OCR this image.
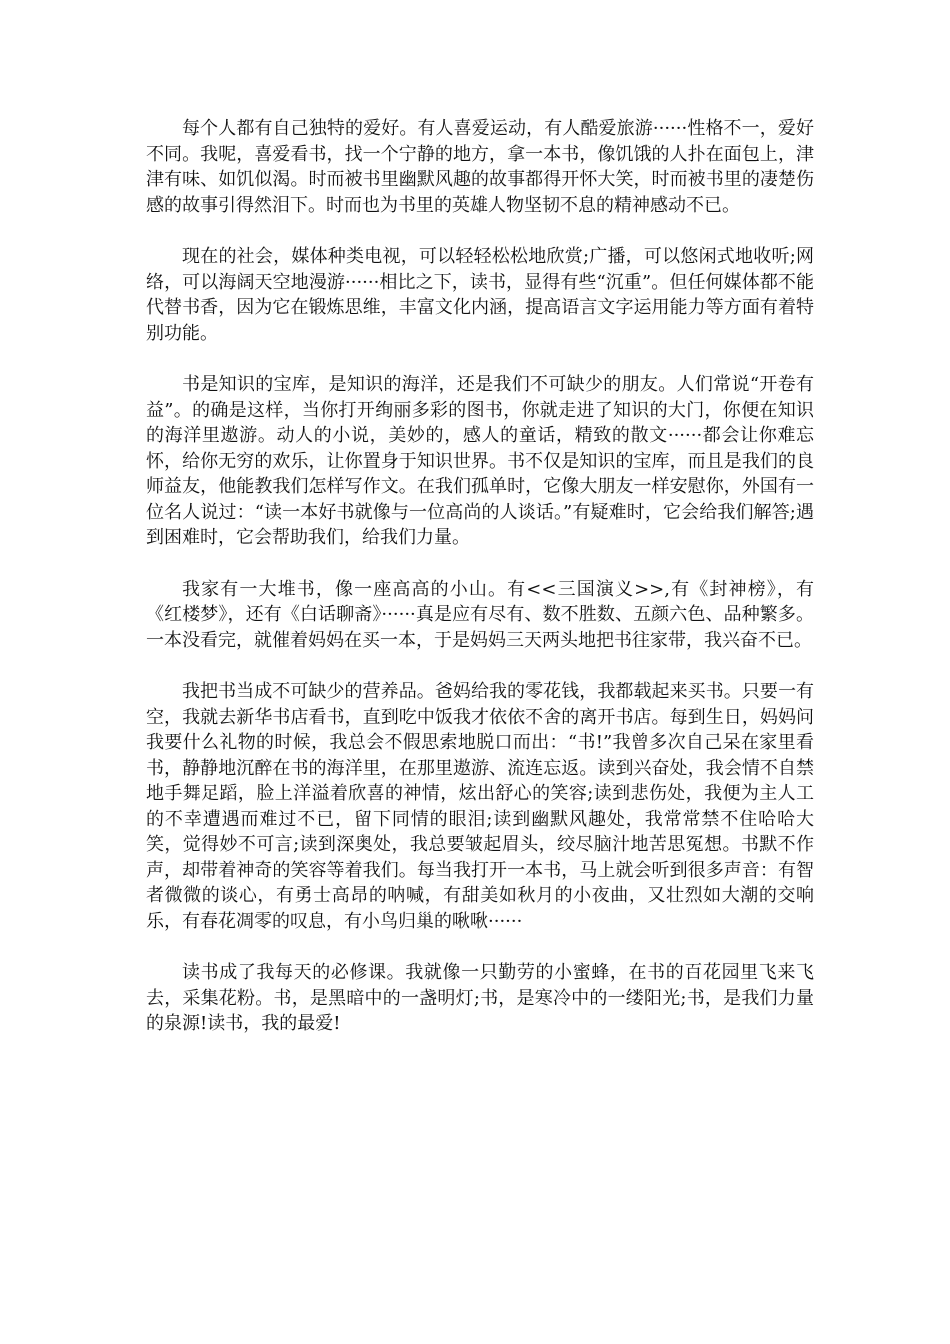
每个人都有自己独特的爱好。有人喜爱运动，有人酷爱旅游······性格不一，爱好不同。我呢，喜爱看书，找一个宁静的地方，拿一本书，像饥饿的人扑在面包上，津津有味、如饥似渴。时而被书里幽默风趣的故事都得开怀大笑，时而被书里的凄楚伤感的故事引得然泪下。时而也为书里的英雄人物坚韧不息的精神感动不已。

现在的社会，媒体种类电视，可以轻轻松松地欣赏;广播，可以悠闲式地收听;网络，可以海阔天空地漫游······相比之下，读书，显得有些“沉重”。但任何媒体都不能代替书香，因为它在锻炼思维，丰富文化内涵，提高语言文字运用能力等方面有着特别功能。

书是知识的宝库，是知识的海洋，还是我们不可缺少的朋友。人们常说“开卷有益”。的确是这样，当你打开绚丽多彩的图书，你就走进了知识的大门，你便在知识的海洋里遨游。动人的小说，美妙的，感人的童话，精致的散文······都会让你难忘怀，给你无穷的欢乐，让你置身于知识世界。书不仅是知识的宝库，而且是我们的良师益友，他能教我们怎样写作文。在我们孤单时，它像大朋友一样安慰你，外国有一位名人说过：“读一本好书就像与一位高尚的人谈话。”有疑难时，它会给我们解答;遇到困难时，它会帮助我们，给我们力量。

我家有一大堆书，像一座高高的小山。有<<三国演义>>,有《封神榜》，有《红楼梦》，还有《白话聊斋》······真是应有尽有、数不胜数、五颜六色、品种繁多。一本没看完，就催着妈妈在买一本，于是妈妈三天两头地把书往家带，我兴奋不已。

我把书当成不可缺少的营养品。爸妈给我的零花钱，我都载起来买书。只要一有空，我就去新华书店看书，直到吃中饭我才依依不舍的离开书店。每到生日，妈妈问我要什么礼物的时候，我总会不假思索地脱口而出：“书!”我曾多次自己呆在家里看书，静静地沉醉在书的海洋里，在那里遨游、流连忘返。读到兴奋处，我会情不自禁地手舞足蹈，脸上洋溢着欣喜的神情，炫出舒心的笑容;读到悲伤处，我便为主人工的不幸遭遇而难过不已，留下同情的眼泪;读到幽默风趣处，我常常禁不住哈哈大笑，觉得妙不可言;读到深奥处，我总要皱起眉头，绞尽脑汁地苦思冤想。书默不作声，却带着神奇的笑容等着我们。每当我打开一本书，马上就会听到很多声音：有智者微微的谈心，有勇士高昂的呐喊，有甜美如秋月的小夜曲，又壮烈如大潮的交响乐，有春花凋零的叹息，有小鸟归巢的啾啾······

读书成了我每天的必修课。我就像一只勤劳的小蜜蜂，在书的百花园里飞来飞去，采集花粉。书，是黑暗中的一盏明灯;书，是寒冷中的一缕阳光;书，是我们力量的泉源!读书，我的最爱!
